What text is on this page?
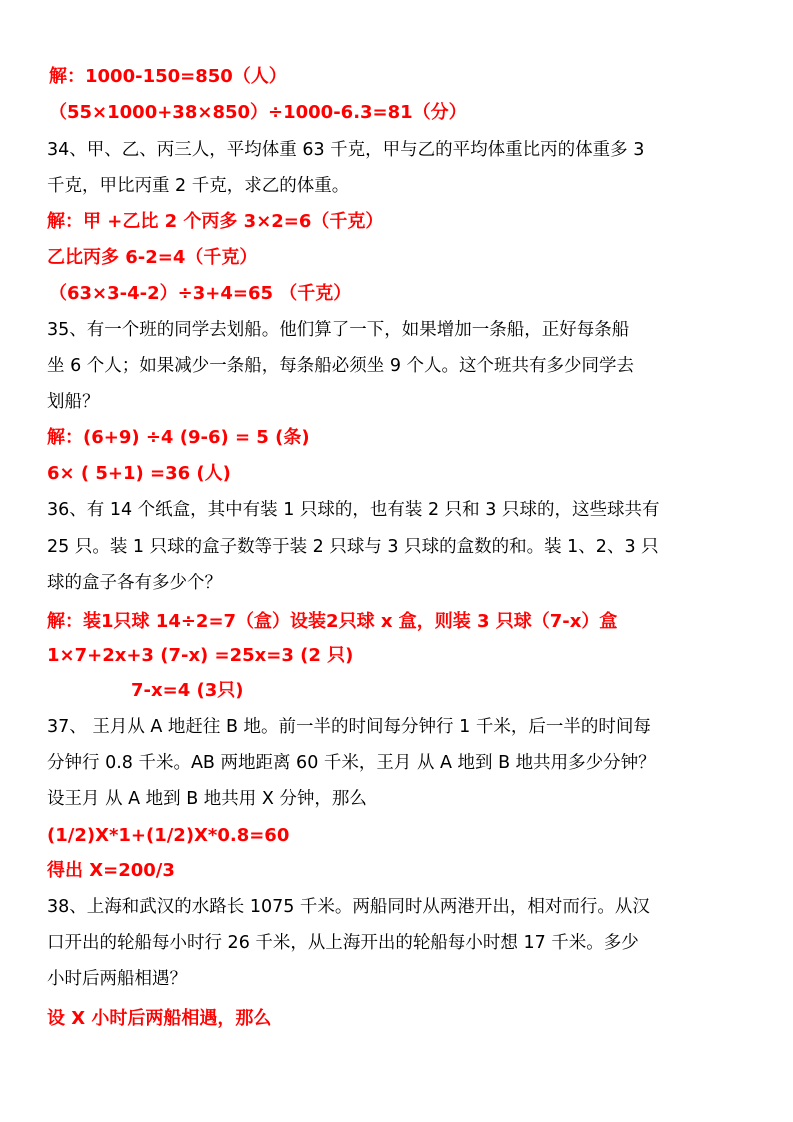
解：1000-150=850（人）
（55×1000+38×850）÷1000-6.3=81（分）
34、甲、乙、丙三人，平均体重 63 千克，甲与乙的平均体重比丙的体重多 3
千克，甲比丙重 2 千克，求乙的体重。
解：甲 +乙比 2 个丙多 3×2=6（千克）
乙比丙多 6-2=4（千克）
（63×3-4-2）÷3+4=65 （千克）
35、有一个班的同学去划船。他们算了一下，如果增加一条船，正好每条船
坐 6 个人；如果减少一条船，每条船必须坐 9 个人。这个班共有多少同学去
划船？
解：(6+9) ÷4 (9-6) = 5 (条)
6× ( 5+1) =36 (人)
36、有 14 个纸盒，其中有装 1 只球的，也有装 2 只和 3 只球的，这些球共有
25 只。装 1 只球的盒子数等于装 2 只球与 3 只球的盒数的和。装 1、2、3 只
球的盒子各有多少个？
解：装1只球 14÷2=7（盒）设装2只球 x 盒，则装 3 只球（7-x）盒
1×7+2x+3 (7-x) =25x=3 (2 只)
7-x=4 (3只)
37、 王月从 A 地赶往 B 地。前一半的时间每分钟行 1 千米，后一半的时间每
分钟行 0.8 千米。AB 两地距离 60 千米，王月 从 A 地到 B 地共用多少分钟？
设王月 从 A 地到 B 地共用 X 分钟，那么
(1/2)X*1+(1/2)X*0.8=60
得出 X=200/3
38、上海和武汉的水路长 1075 千米。两船同时从两港开出，相对而行。从汉
口开出的轮船每小时行 26 千米，从上海开出的轮船每小时想 17 千米。多少
小时后两船相遇？
设 X 小时后两船相遇，那么
